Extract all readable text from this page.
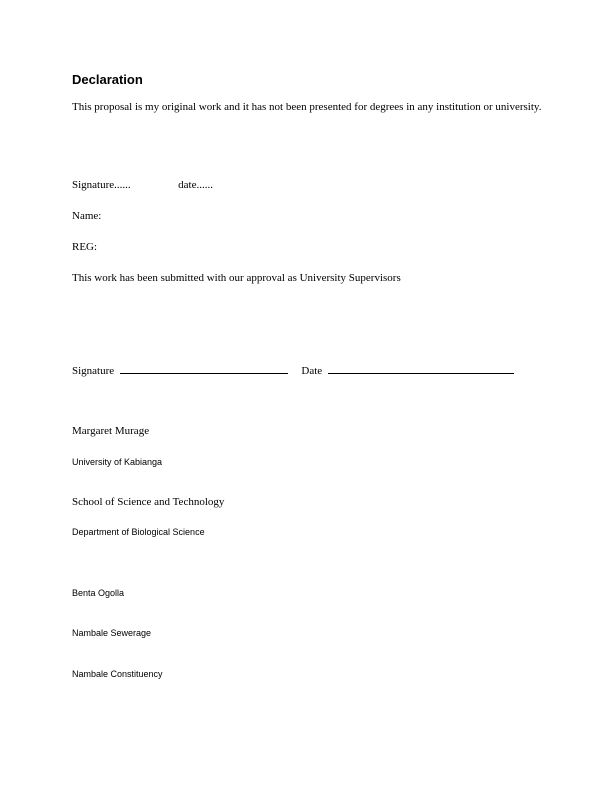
Declaration
This proposal is my original work and it has not been presented for degrees in any institution or university.
Signature......	date......
Name:
REG:
This work has been submitted with our approval as University Supervisors
Signature	Date
Margaret Murage
University of Kabianga
School of Science and Technology
Department of Biological Science
Benta Ogolla
Nambale Sewerage
Nambale Constituency
